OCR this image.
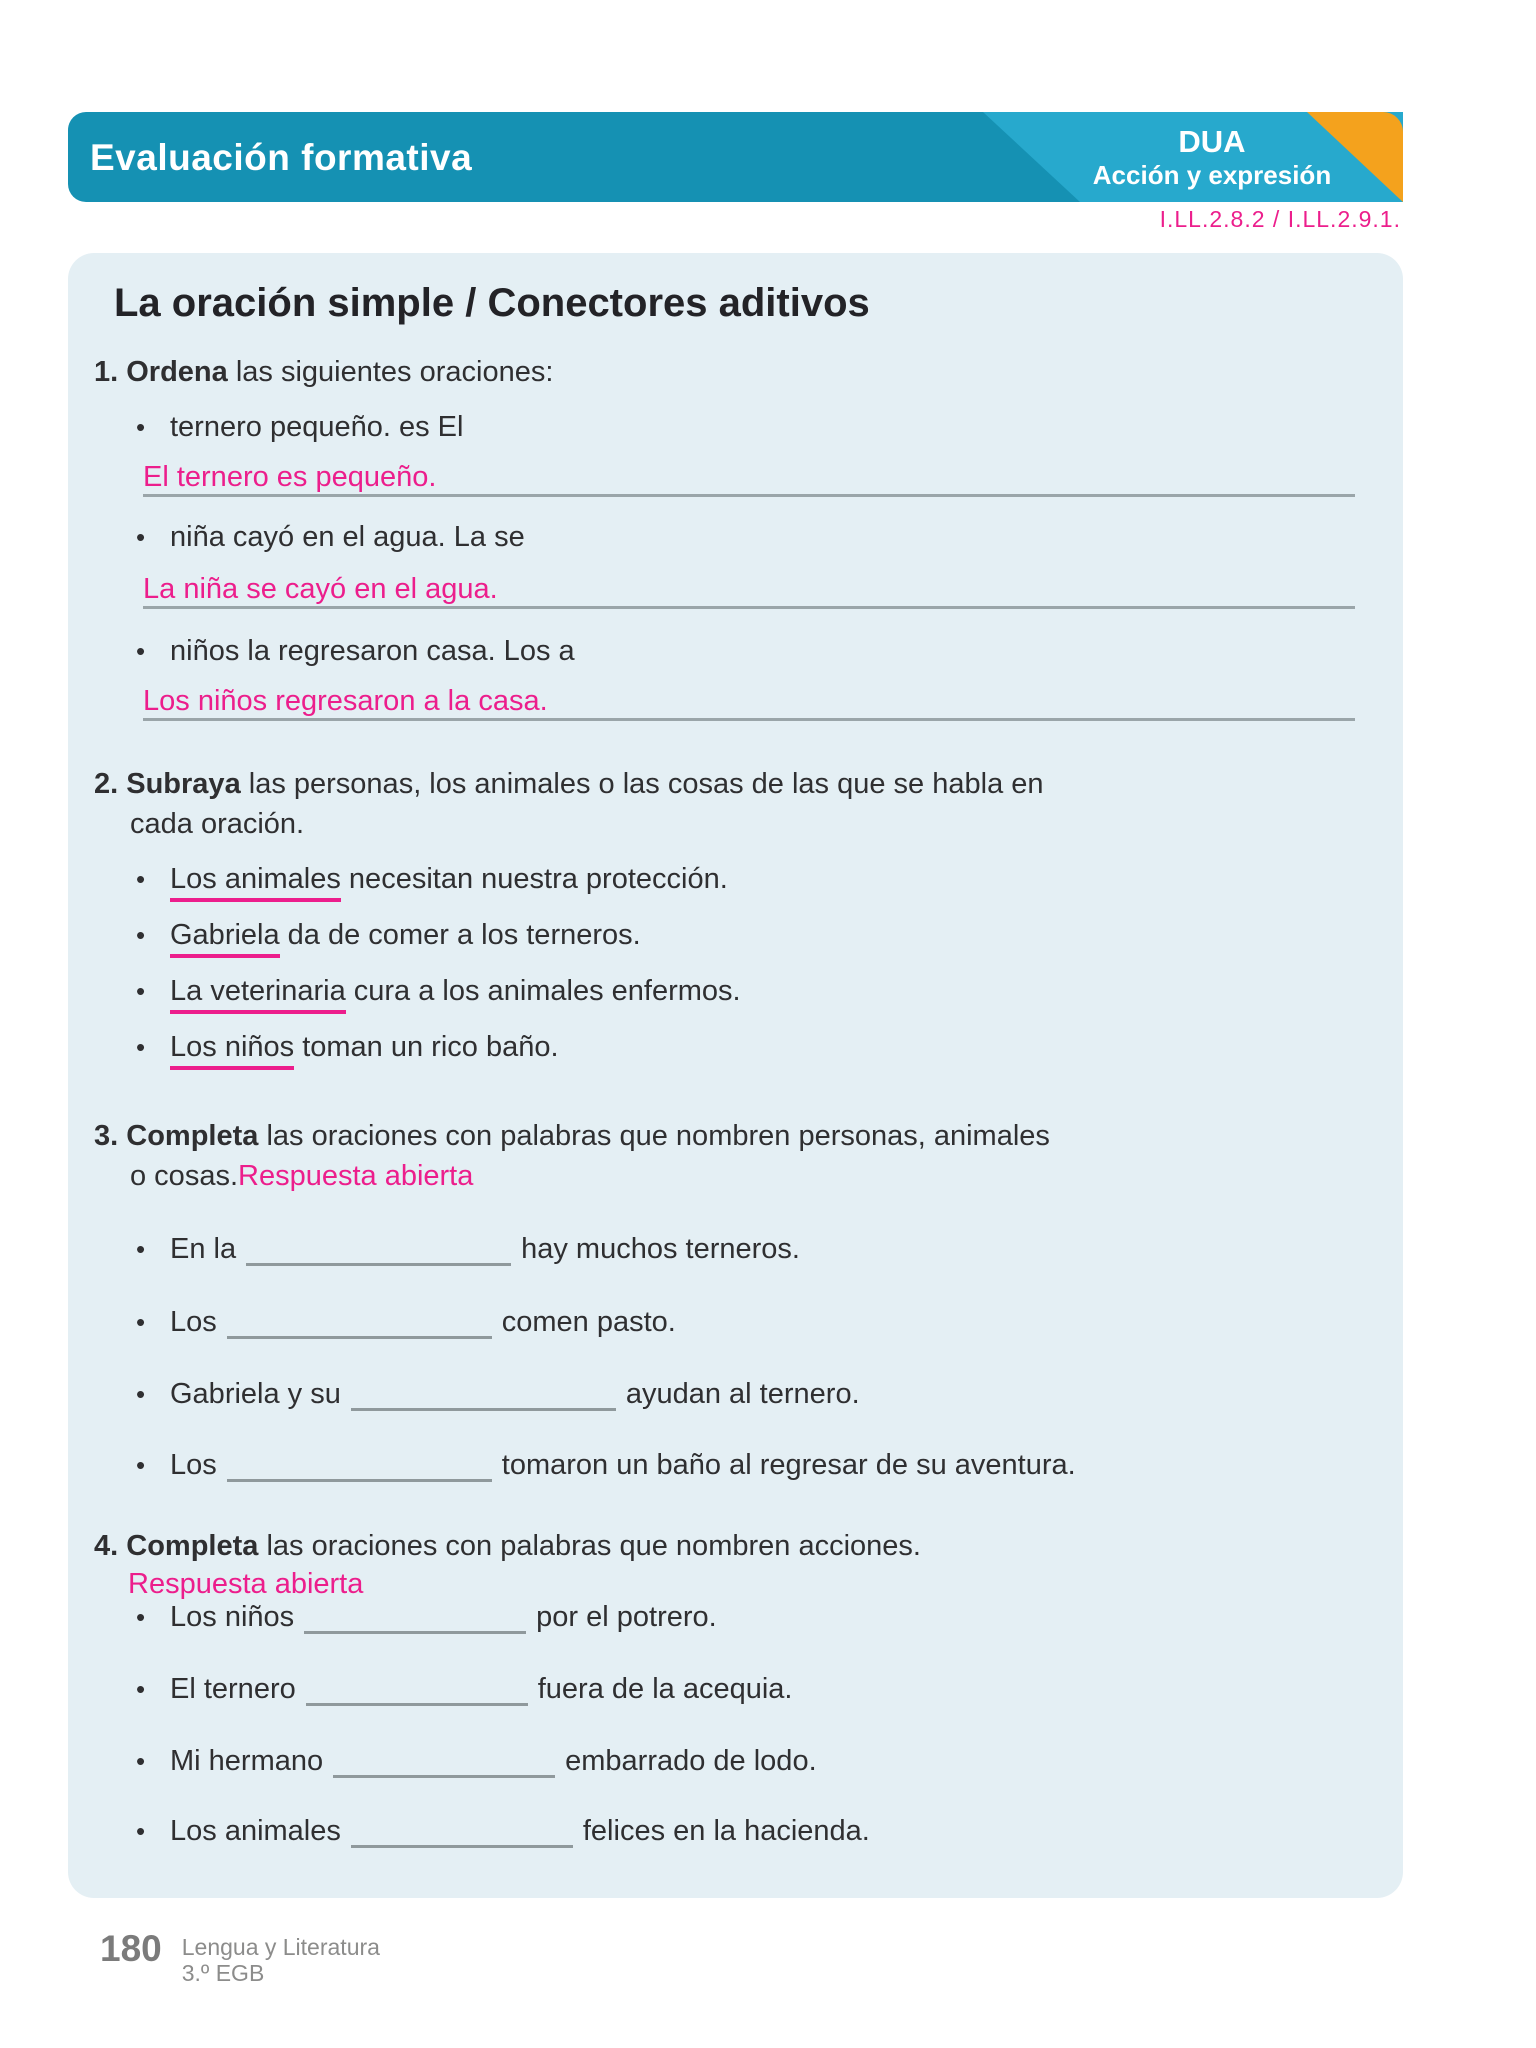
Evaluación formativa	DUA
Acción y expresión
I.LL.2.8.2 / I.LL.2.9.1.
La oración simple / Conectores aditivos
1. Ordena las siguientes oraciones:
• ternero pequeño. es El
El ternero es pequeño.
• niña cayó en el agua. La se
La niña se cayó en el agua.
• niños la regresaron casa. Los a
Los niños regresaron a la casa.
2. Subraya las personas, los animales o las cosas de las que se habla en
cada oración.
• Los animales necesitan nuestra protección.
• Gabriela da de comer a los terneros.
• La veterinaria cura a los animales enfermos.
• Los niños toman un rico baño.
3. Completa las oraciones con palabras que nombren personas, animales
o cosas.Respuesta abierta
• En la	hay muchos terneros.
• Los	comen pasto.
• Gabriela y su	ayudan al ternero.
• Los	tomaron un baño al regresar de su aventura.
4. Completa las oraciones con palabras que nombren acciones.
Respuesta abierta
• Los niños	por el potrero.
• El ternero	fuera de la acequia.
• Mi hermano	embarrado de lodo.
• Los animales	felices en la hacienda.
180 Lengua y Literatura
3.º EGB
